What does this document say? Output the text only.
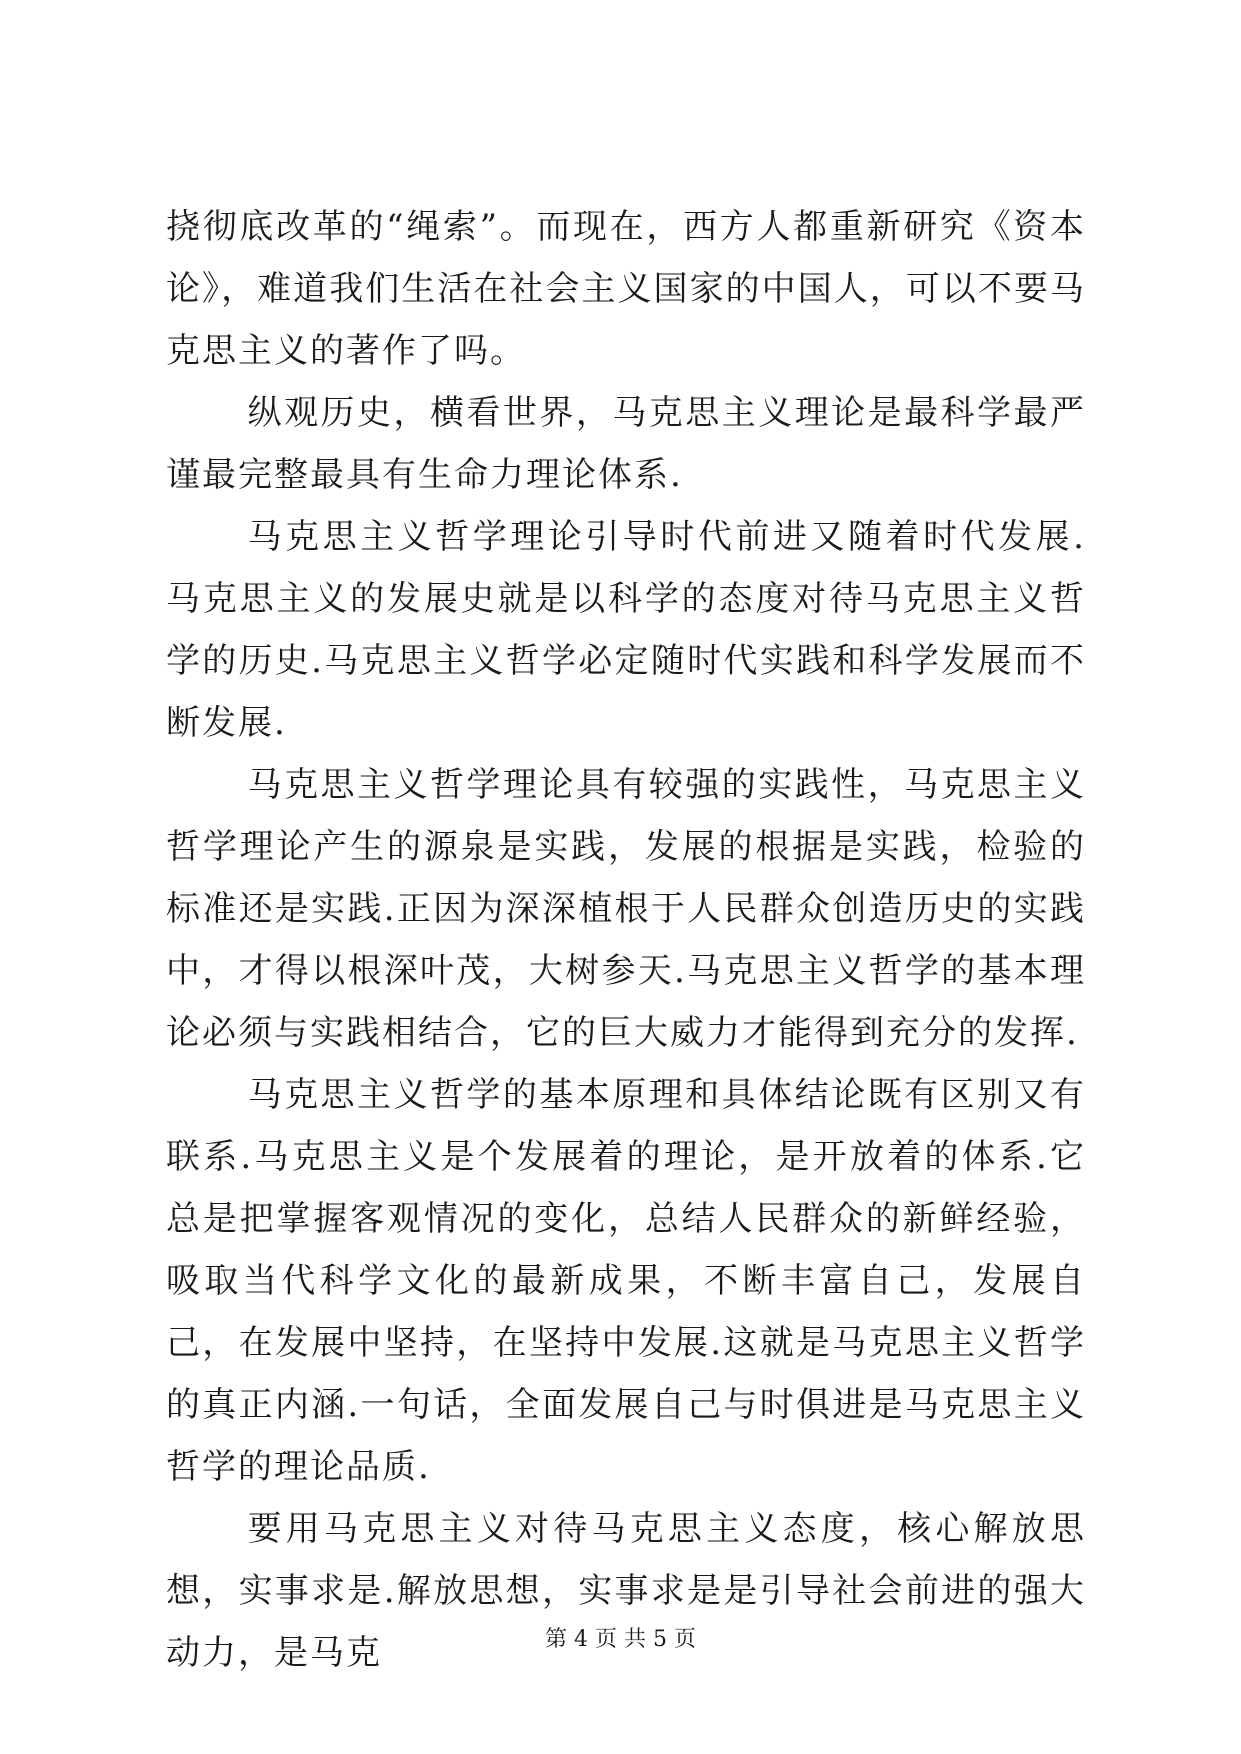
挠彻底改革的“绳索”。而现在，西方人都重新研究《资本论》，难道我们生活在社会主义国家的中国人，可以不要马克思主义的著作了吗。

纵观历史，横看世界，马克思主义理论是最科学最严谨最完整最具有生命力理论体系.

马克思主义哲学理论引导时代前进又随着时代发展.马克思主义的发展史就是以科学的态度对待马克思主义哲学的历史.马克思主义哲学必定随时代实践和科学发展而不断发展.

马克思主义哲学理论具有较强的实践性，马克思主义哲学理论产生的源泉是实践，发展的根据是实践，检验的标准还是实践.正因为深深植根于人民群众创造历史的实践中，才得以根深叶茂，大树参天.马克思主义哲学的基本理论必须与实践相结合，它的巨大威力才能得到充分的发挥.

马克思主义哲学的基本原理和具体结论既有区别又有联系.马克思主义是个发展着的理论，是开放着的体系.它总是把掌握客观情况的变化，总结人民群众的新鲜经验，吸取当代科学文化的最新成果，不断丰富自己，发展自己，在发展中坚持，在坚持中发展.这就是马克思主义哲学的真正内涵.一句话，全面发展自己与时俱进是马克思主义哲学的理论品质.

要用马克思主义对待马克思主义态度，核心解放思想，实事求是.解放思想，实事求是是引导社会前进的强大动力，是马克	第 4 页 共 5 页
